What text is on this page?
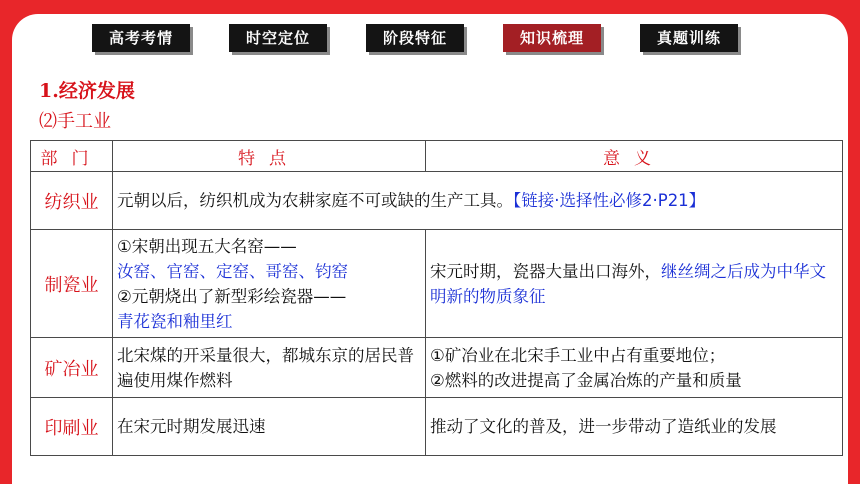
高考考情	时空定位	阶段特征	知识梳理	真题训练
1.经济发展
⑵手工业
部门	特点	意义
纺织业	元朝以后，纺织机成为农耕家庭不可或缺的生产工具。【链接·选择性必修2·P21】	
制瓷业	①宋朝出现五大名窑——
汝窑、官窑、定窑、哥窑、钧窑
②元朝烧出了新型彩绘瓷器——
青花瓷和釉里红	宋元时期，瓷器大量出口海外，继丝绸之后成为中华文明新的物质象征
矿冶业	北宋煤的开采量很大，都城东京的居民普遍使用煤作燃料	①矿冶业在北宋手工业中占有重要地位；
②燃料的改进提高了金属冶炼的产量和质量

印刷业	在宋元时期发展迅速	推动了文化的普及，进一步带动了造纸业的发展
